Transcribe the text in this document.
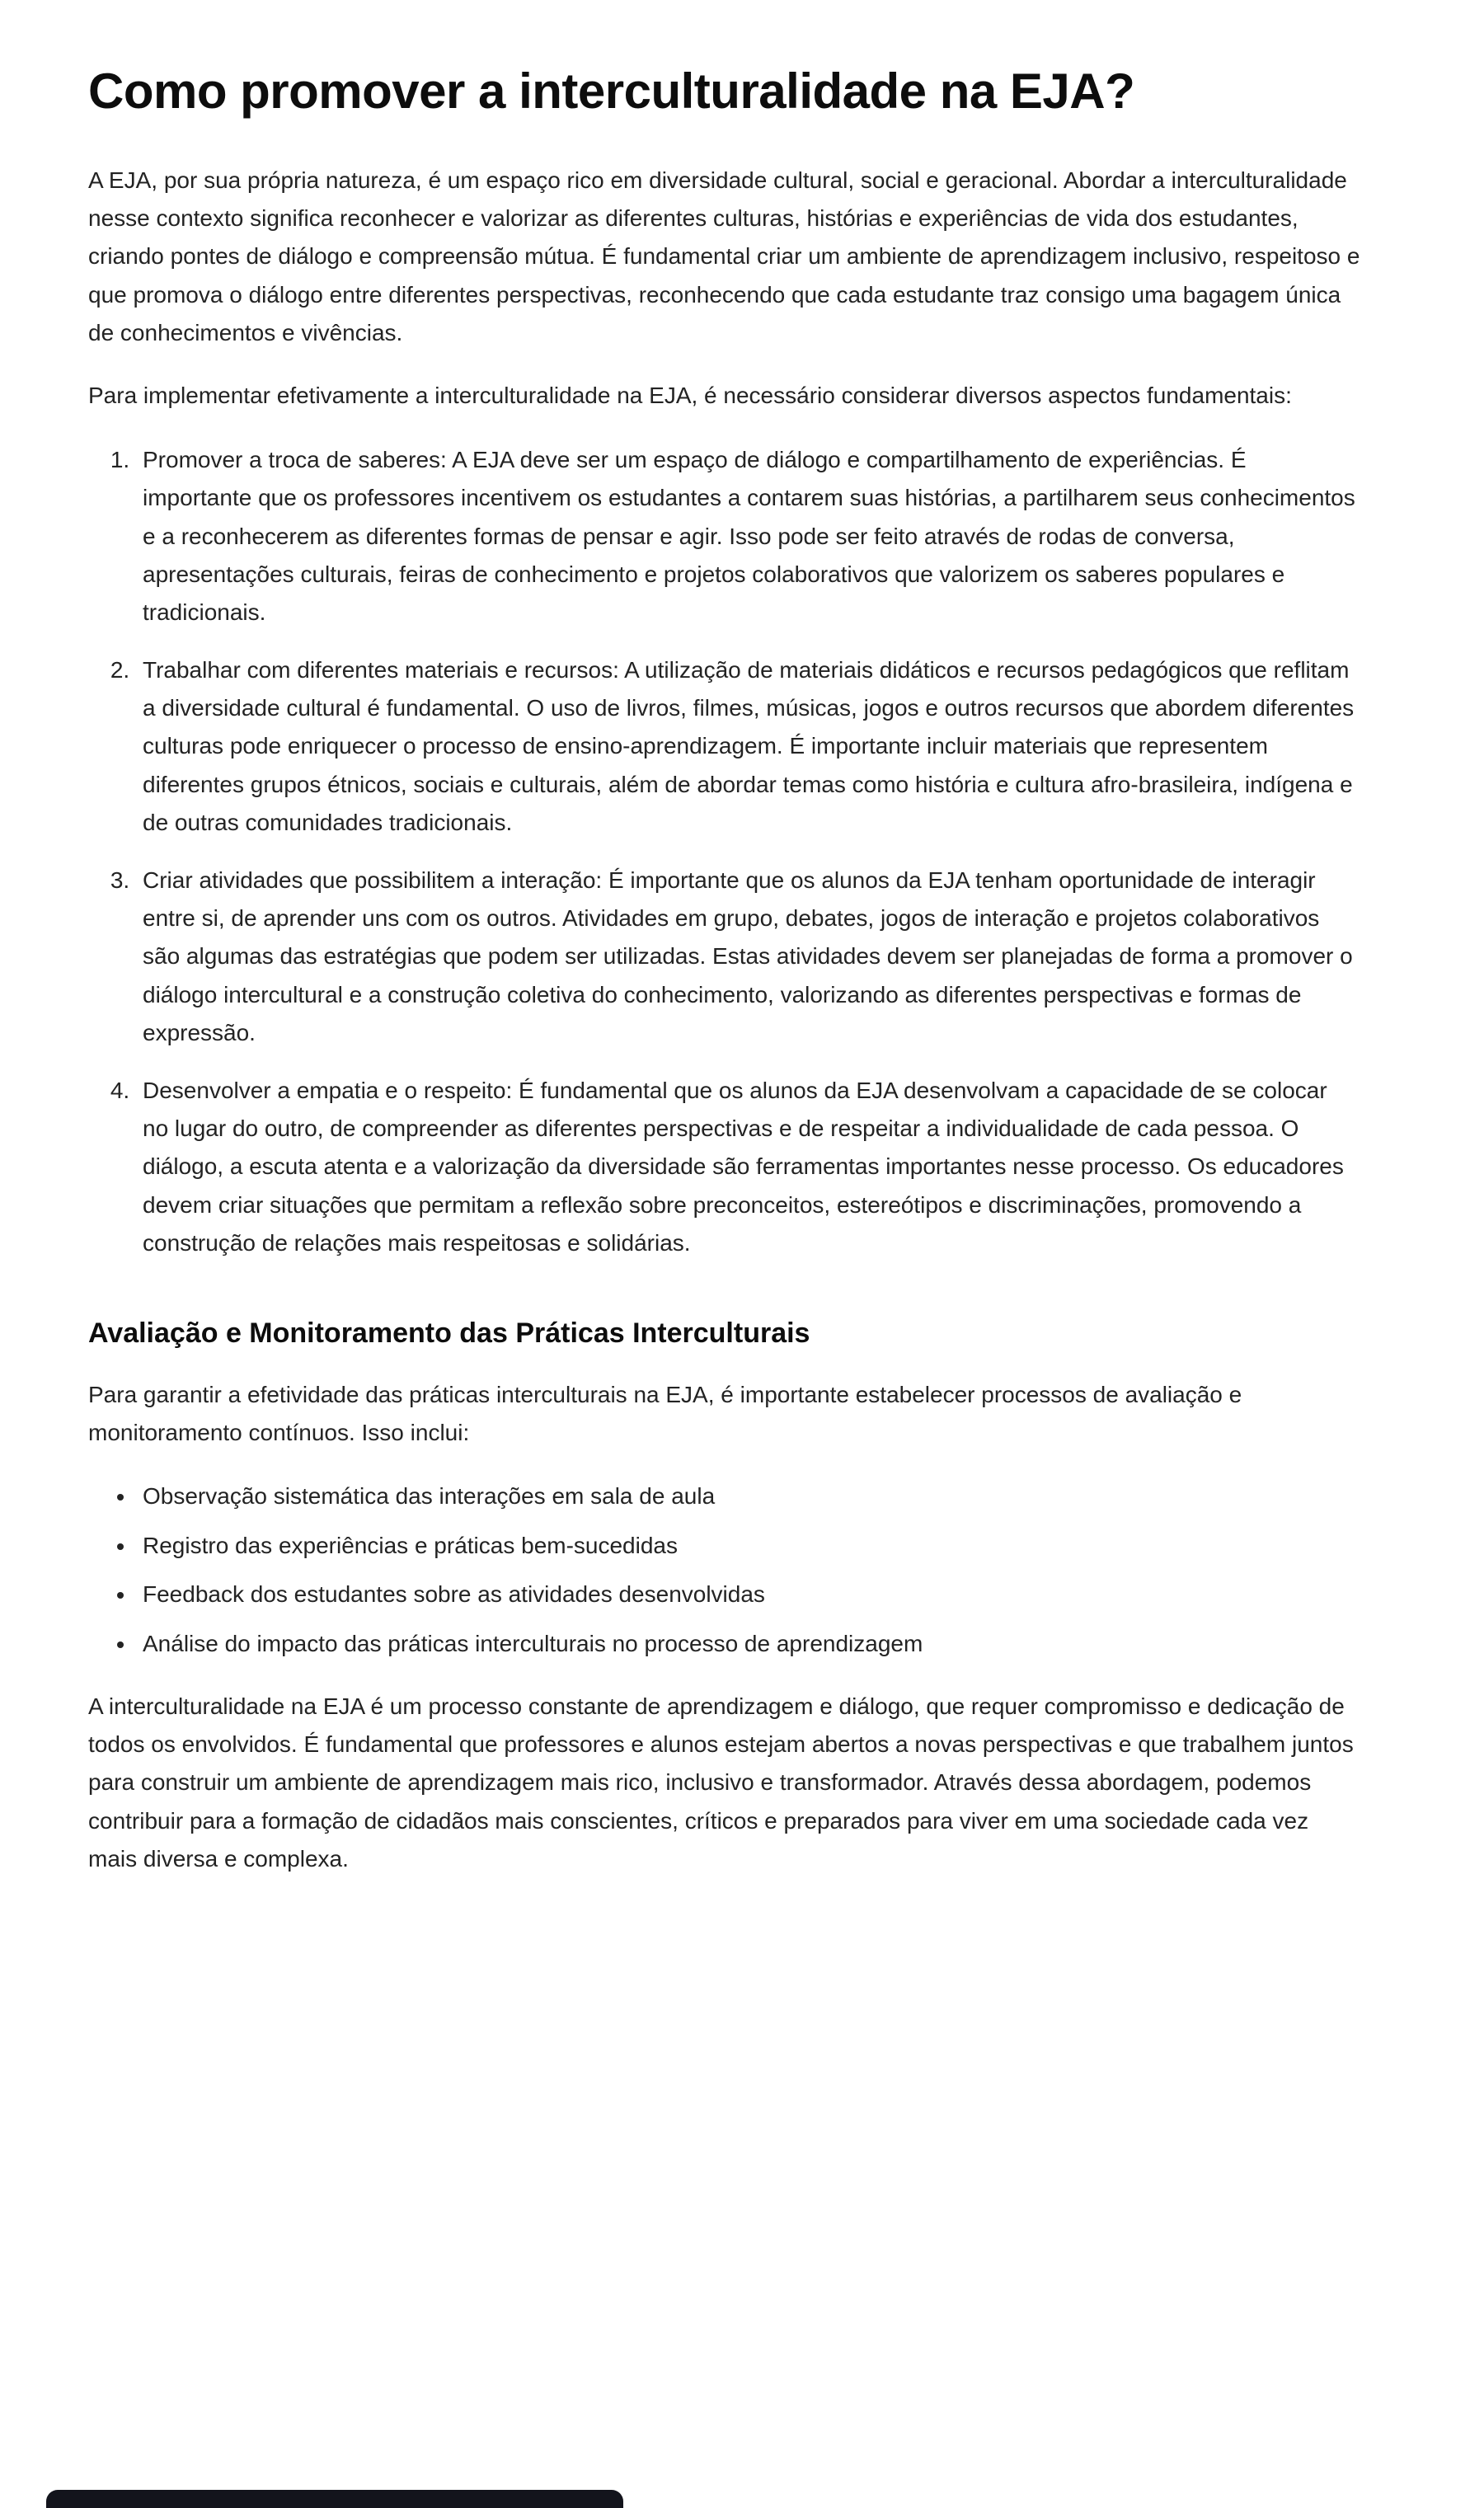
Como promover a interculturalidade na EJA?

A EJA, por sua própria natureza, é um espaço rico em diversidade cultural, social e geracional. Abordar a interculturalidade nesse contexto significa reconhecer e valorizar as diferentes culturas, histórias e experiências de vida dos estudantes, criando pontes de diálogo e compreensão mútua. É fundamental criar um ambiente de aprendizagem inclusivo, respeitoso e que promova o diálogo entre diferentes perspectivas, reconhecendo que cada estudante traz consigo uma bagagem única de conhecimentos e vivências.

Para implementar efetivamente a interculturalidade na EJA, é necessário considerar diversos aspectos fundamentais:

1. Promover a troca de saberes: A EJA deve ser um espaço de diálogo e compartilhamento de experiências. É importante que os professores incentivem os estudantes a contarem suas histórias, a partilharem seus conhecimentos e a reconhecerem as diferentes formas de pensar e agir. Isso pode ser feito através de rodas de conversa, apresentações culturais, feiras de conhecimento e projetos colaborativos que valorizem os saberes populares e tradicionais.
2. Trabalhar com diferentes materiais e recursos: A utilização de materiais didáticos e recursos pedagógicos que reflitam a diversidade cultural é fundamental. O uso de livros, filmes, músicas, jogos e outros recursos que abordem diferentes culturas pode enriquecer o processo de ensino-aprendizagem. É importante incluir materiais que representem diferentes grupos étnicos, sociais e culturais, além de abordar temas como história e cultura afro-brasileira, indígena e de outras comunidades tradicionais.
3. Criar atividades que possibilitem a interação: É importante que os alunos da EJA tenham oportunidade de interagir entre si, de aprender uns com os outros. Atividades em grupo, debates, jogos de interação e projetos colaborativos são algumas das estratégias que podem ser utilizadas. Estas atividades devem ser planejadas de forma a promover o diálogo intercultural e a construção coletiva do conhecimento, valorizando as diferentes perspectivas e formas de expressão.
4. Desenvolver a empatia e o respeito: É fundamental que os alunos da EJA desenvolvam a capacidade de se colocar no lugar do outro, de compreender as diferentes perspectivas e de respeitar a individualidade de cada pessoa. O diálogo, a escuta atenta e a valorização da diversidade são ferramentas importantes nesse processo. Os educadores devem criar situações que permitam a reflexão sobre preconceitos, estereótipos e discriminações, promovendo a construção de relações mais respeitosas e solidárias.
Avaliação e Monitoramento das Práticas Interculturais

Para garantir a efetividade das práticas interculturais na EJA, é importante estabelecer processos de avaliação e monitoramento contínuos. Isso inclui:

• Observação sistemática das interações em sala de aula
• Registro das experiências e práticas bem-sucedidas
• Feedback dos estudantes sobre as atividades desenvolvidas
• Análise do impacto das práticas interculturais no processo de aprendizagem

A interculturalidade na EJA é um processo constante de aprendizagem e diálogo, que requer compromisso e dedicação de todos os envolvidos. É fundamental que professores e alunos estejam abertos a novas perspectivas e que trabalhem juntos para construir um ambiente de aprendizagem mais rico, inclusivo e transformador. Através dessa abordagem, podemos contribuir para a formação de cidadãos mais conscientes, críticos e preparados para viver em uma sociedade cada vez mais diversa e complexa.
